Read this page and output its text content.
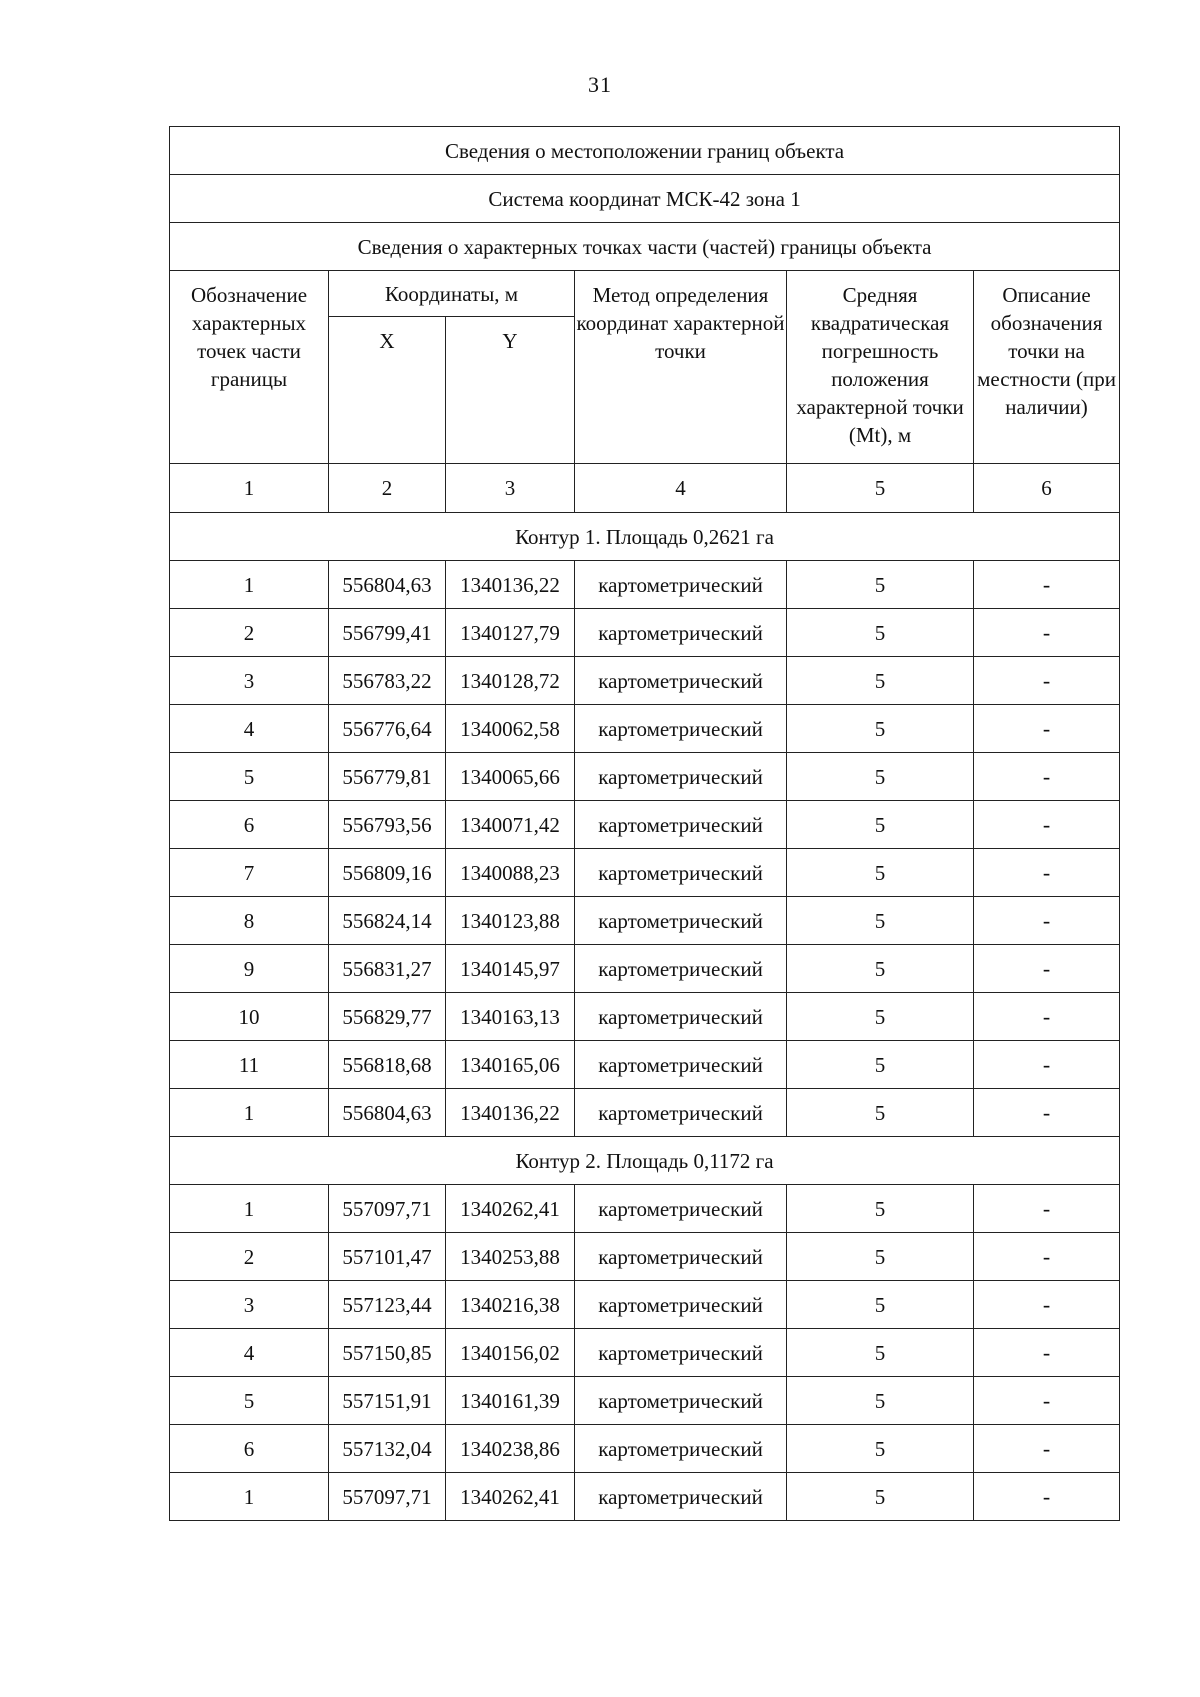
31
Сведения о местоположении границ объекта					
Система координат МСК-42 зона 1					
Сведения о характерных точках части (частей) границы объекта					
Обозначение характерных точек части границы	Координаты, м		Метод определения координат характерной точки	Средняя квадратическая погрешность положения характерной точки (Mt), м	Описание обозначения точки на местности (при наличии)
	X	Y			
1	2	3	4	5	6
Контур 1. Площадь 0,2621 га					
1	556804,63	1340136,22	картометрический	5	-
2	556799,41	1340127,79	картометрический	5	-
3	556783,22	1340128,72	картометрический	5	-
4	556776,64	1340062,58	картометрический	5	-
5	556779,81	1340065,66	картометрический	5	-
6	556793,56	1340071,42	картометрический	5	-
7	556809,16	1340088,23	картометрический	5	-
8	556824,14	1340123,88	картометрический	5	-
9	556831,27	1340145,97	картометрический	5	-
10	556829,77	1340163,13	картометрический	5	-
11	556818,68	1340165,06	картометрический	5	-
1	556804,63	1340136,22	картометрический	5	-
Контур 2. Площадь 0,1172 га					
1	557097,71	1340262,41	картометрический	5	-
2	557101,47	1340253,88	картометрический	5	-
3	557123,44	1340216,38	картометрический	5	-
4	557150,85	1340156,02	картометрический	5	-
5	557151,91	1340161,39	картометрический	5	-
6	557132,04	1340238,86	картометрический	5	-
1	557097,71	1340262,41	картометрический	5	-
